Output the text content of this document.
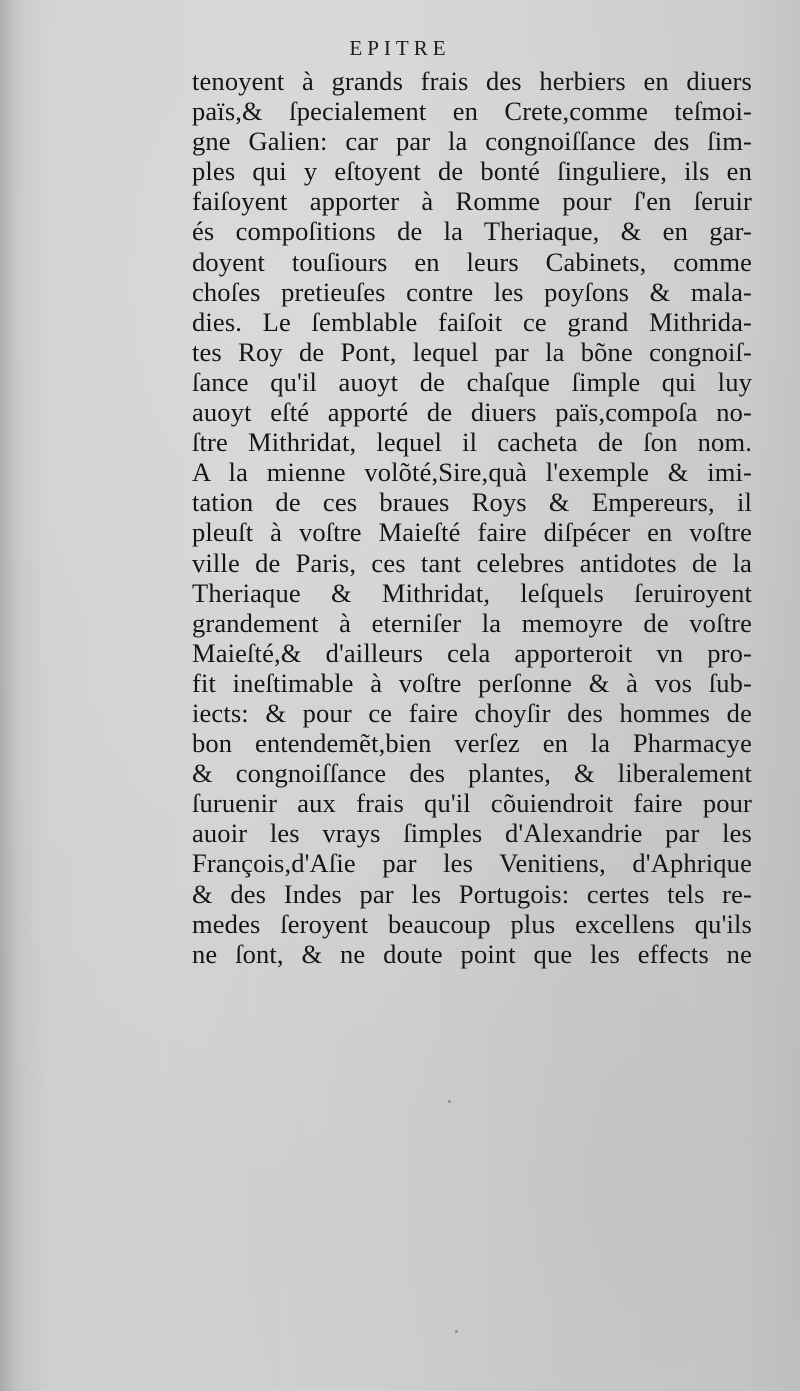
EPITRE
tenoyent à grands frais des herbiers en diuers
païs,& ſpecialement en Crete,comme teſmoi-
gne Galien: car par la congnoiſſance des ſim-
ples qui y eſtoyent de bonté ſinguliere, ils en
faiſoyent apporter à Romme pour ſ'en ſeruir
és compoſitions de la Theriaque, & en gar-
doyent touſiours en leurs Cabinets, comme
choſes pretieuſes contre les poyſons & mala-
dies. Le ſemblable faiſoit ce grand Mithrida-
tes Roy de Pont, lequel par la bõne congnoiſ-
ſance qu'il auoyt de chaſque ſimple qui luy
auoyt eſté apporté de diuers païs,compoſa no-
ſtre Mithridat, lequel il cacheta de ſon nom.
A la mienne volõté,Sire,quà l'exemple & imi-
tation de ces braues Roys & Empereurs, il
pleuſt à voſtre Maieſté faire diſpécer en voſtre
ville de Paris, ces tant celebres antidotes de la
Theriaque & Mithridat, leſquels ſeruiroyent
grandement à eterniſer la memoyre de voſtre
Maieſté,& d'ailleurs cela apporteroit vn pro-
fit ineſtimable à voſtre perſonne & à vos ſub-
iects: & pour ce faire choyſir des hommes de
bon entendemẽt,bien verſez en la Pharmacye
& congnoiſſance des plantes, & liberalement
ſuruenir aux frais qu'il cõuiendroit faire pour
auoir les vrays ſimples d'Alexandrie par les
François,d'Aſie par les Venitiens, d'Aphrique
& des Indes par les Portugois: certes tels re-
medes ſeroyent beaucoup plus excellens qu'ils
ne ſont, & ne doute point que les effects ne
